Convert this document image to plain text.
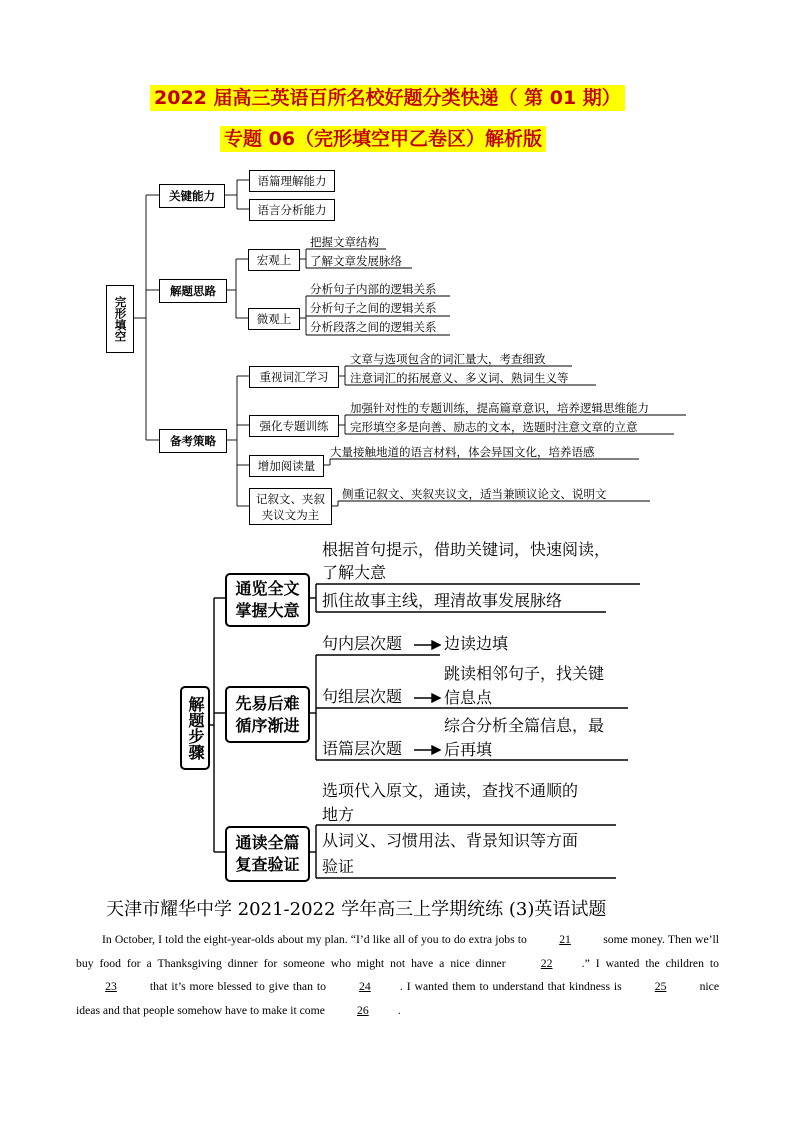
2022 届高三英语百所名校好题分类快递（ 第 01 期）
专题 06（完形填空甲乙卷区）解析版
完形填空
关键能力
语篇理解能力
语言分析能力
解题思路
宏观上
把握文章结构
了解文章发展脉络
微观上
分析句子内部的逻辑关系
分析句子之间的逻辑关系
分析段落之间的逻辑关系
备考策略
重视词汇学习
文章与选项包含的词汇量大，考查细致
注意词汇的拓展意义、多义词、熟词生义等
强化专题训练
加强针对性的专题训练，提高篇章意识，培养逻辑思维能力
完形填空多是向善、励志的文本，选题时注意文章的立意
增加阅读量
大量接触地道的语言材料，体会异国文化，培养语感
记叙文、夹叙
夹议文为主
侧重记叙文、夹叙夹议文，适当兼顾议论文、说明文
解题步骤
通览全文
掌握大意
根据首句提示，借助关键词，快速阅读，
了解大意
抓住故事主线，理清故事发展脉络
先易后难
循序渐进
句内层次题	边读边填
句组层次题
跳读相邻句子，找关键
信息点
语篇层次题
综合分析全篇信息，最
后再填
通读全篇
复查验证
选项代入原文，通读，查找不通顺的
地方
从词义、习惯用法、背景知识等方面
验证
天津市耀华中学 2021-2022 学年高三上学期统练 (3)英语试题
In October, I told the eight-year-olds about my plan. “I’d like all of you to do extra jobs to	21	some money. Then we’ll buy food for a Thanksgiving dinner for someone who might not have a nice dinner	22 .” I wanted the children to 23	that it’s more blessed to give than to	24 . I wanted them to understand that kindness is	25	nice ideas and that people somehow have to make it come	26 .
